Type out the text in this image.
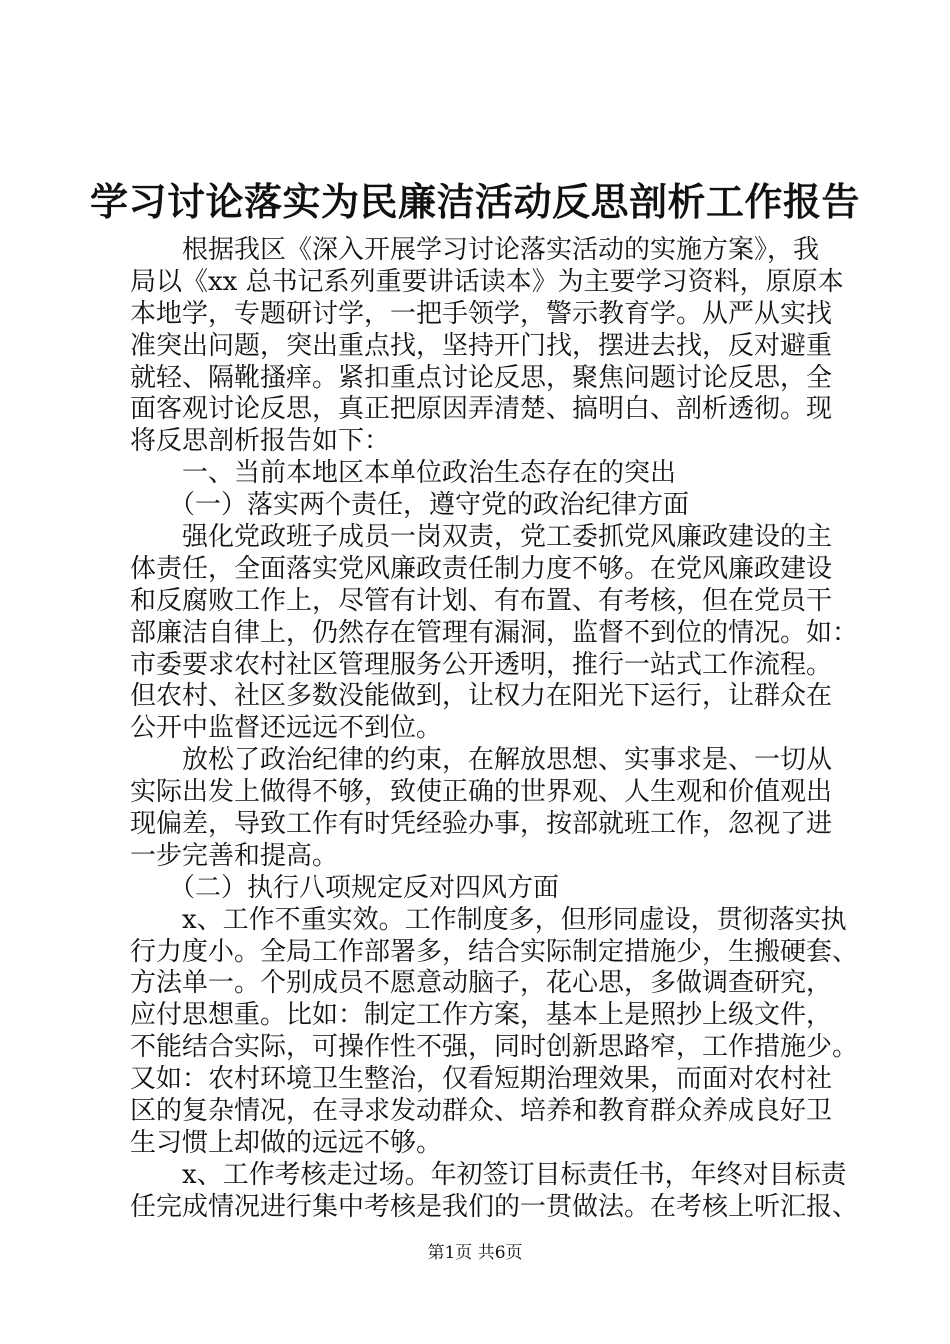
学习讨论落实为民廉洁活动反思剖析工作报告
　　根据我区《深入开展学习讨论落实活动的实施方案》，我
局以《xx 总书记系列重要讲话读本》为主要学习资料，原原本
本地学，专题研讨学，一把手领学，警示教育学。从严从实找
准突出问题，突出重点找，坚持开门找，摆进去找，反对避重
就轻、隔靴搔痒。紧扣重点讨论反思，聚焦问题讨论反思，全
面客观讨论反思，真正把原因弄清楚、搞明白、剖析透彻。现
将反思剖析报告如下：
　　一、当前本地区本单位政治生态存在的突出
　　（一）落实两个责任，遵守党的政治纪律方面
　　强化党政班子成员一岗双责，党工委抓党风廉政建设的主
体责任，全面落实党风廉政责任制力度不够。在党风廉政建设
和反腐败工作上，尽管有计划、有布置、有考核，但在党员干
部廉洁自律上，仍然存在管理有漏洞，监督不到位的情况。如：
市委要求农村社区管理服务公开透明，推行一站式工作流程。
但农村、社区多数没能做到，让权力在阳光下运行，让群众在
公开中监督还远远不到位。
　　放松了政治纪律的约束，在解放思想、实事求是、一切从
实际出发上做得不够，致使正确的世界观、人生观和价值观出
现偏差，导致工作有时凭经验办事，按部就班工作，忽视了进
一步完善和提高。
　　（二）执行八项规定反对四风方面
　　x、工作不重实效。工作制度多，但形同虚设，贯彻落实执
行力度小。全局工作部署多，结合实际制定措施少，生搬硬套、
方法单一。个别成员不愿意动脑子，花心思，多做调查研究，
应付思想重。比如：制定工作方案，基本上是照抄上级文件，
不能结合实际，可操作性不强，同时创新思路窄，工作措施少。
又如：农村环境卫生整治，仅看短期治理效果，而面对农村社
区的复杂情况，在寻求发动群众、培养和教育群众养成良好卫
生习惯上却做的远远不够。
　　x、工作考核走过场。年初签订目标责任书，年终对目标责
任完成情况进行集中考核是我们的一贯做法。在考核上听汇报、
第1页 共6页
